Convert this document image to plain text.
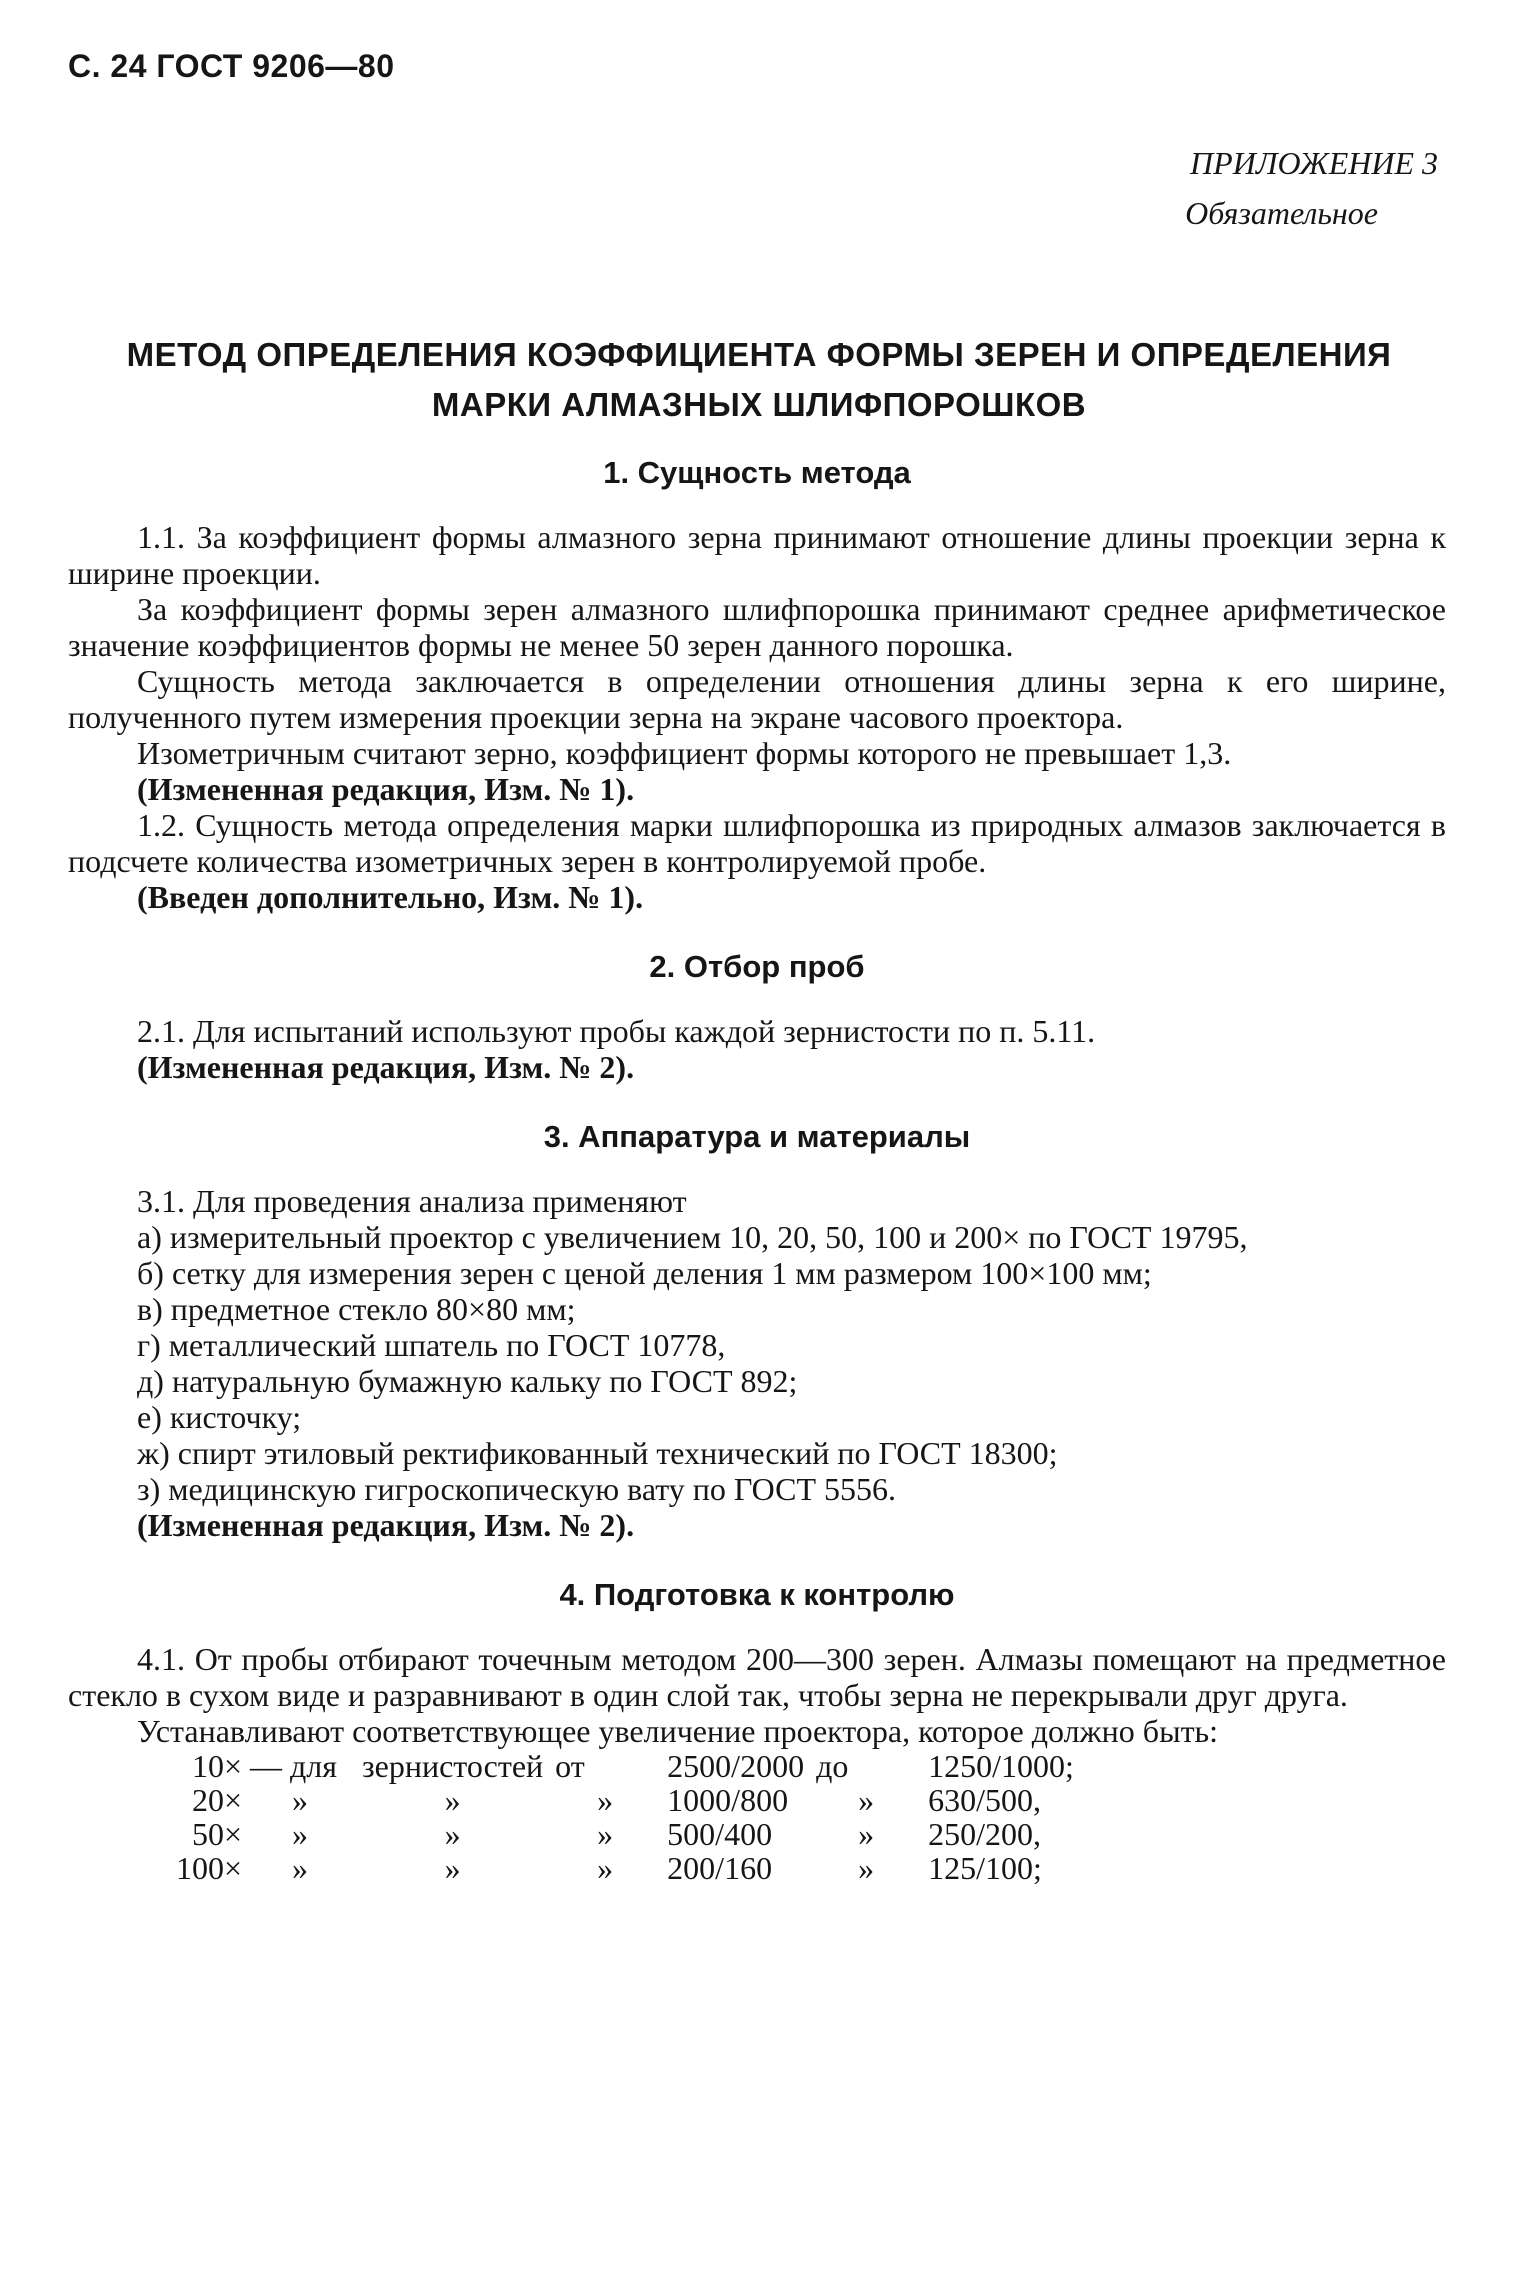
С. 24 ГОСТ 9206—80
ПРИЛОЖЕНИЕ 3
Обязательное
МЕТОД ОПРЕДЕЛЕНИЯ КОЭФФИЦИЕНТА ФОРМЫ ЗЕРЕН И ОПРЕДЕЛЕНИЯ
МАРКИ АЛМАЗНЫХ ШЛИФПОРОШКОВ
1. Сущность метода

1.1. За коэффициент формы алмазного зерна принимают отношение длины проекции зерна к ширине проекции.

За коэффициент формы зерен алмазного шлифпорошка принимают среднее арифметическое значение коэффициентов формы не менее 50 зерен данного порошка.

Сущность метода заключается в определении отношения длины зерна к его ширине, полученного путем измерения проекции зерна на экране часового проектора.

Изометричным считают зерно, коэффициент формы которого не превышает 1,3.

(Измененная редакция, Изм. № 1).

1.2. Сущность метода определения марки шлифпорошка из природных алмазов заключается в подсчете количества изометричных зерен в контролируемой пробе.

(Введен дополнительно, Изм. № 1).

2. Отбор проб

2.1. Для испытаний используют пробы каждой зернистости по п. 5.11.

(Измененная редакция, Изм. № 2).

3. Аппаратура и материалы

3.1. Для проведения анализа применяют

а) измерительный проектор с увеличением 10, 20, 50, 100 и 200× по ГОСТ 19795,

б) сетку для измерения зерен с ценой деления 1 мм размером 100×100 мм;

в) предметное стекло 80×80 мм;

г) металлический шпатель по ГОСТ 10778,

д) натуральную бумажную кальку по ГОСТ 892;

е) кисточку;

ж) спирт этиловый ректификованный технический по ГОСТ 18300;

з) медицинскую гигроскопическую вату по ГОСТ 5556.

(Измененная редакция, Изм. № 2).

4. Подготовка к контролю

4.1. От пробы отбирают точечным методом 200—300 зерен. Алмазы помещают на предметное стекло в сухом виде и разравнивают в один слой так, чтобы зерна не перекрывали друг друга.

Устанавливают соответствующее увеличение проектора, которое должно быть:

10×	— для	зернистостей	от	2500/2000	до	1250/1000;
20×	»	»	»	1000/800	»	630/500,
50×	»	»	»	500/400	»	250/200,
100×	»	»	»	200/160	»	125/100;
